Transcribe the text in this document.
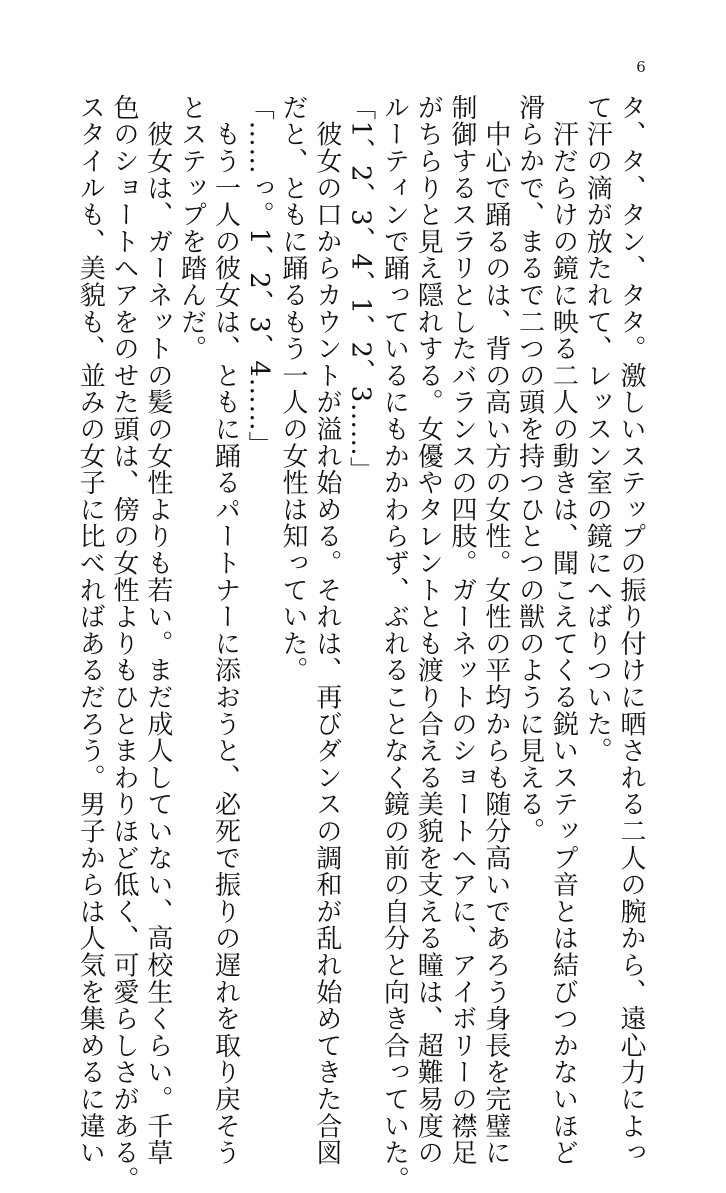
6

タ、タ、タン、タタ。激しいステップの振り付けに晒される二人の腕から、遠心力によっ

て汗の滴が放たれて、レッスン室の鏡にへばりついた。

　汗だらけの鏡に映る二人の動きは、聞こえてくる鋭いステップ音とは結びつかないほど

滑らかで、まるで二つの頭を持つひとつの獣のように見える。

　中心で踊るのは、背の高い方の女性。女性の平均からも随分高いであろう身長を完璧に

制御するスラリとしたバランスの四肢。ガーネットのショートヘアに、アイボリーの襟足

がちらりと見え隠れする。女優やタレントとも渡り合える美貌を支える瞳は、超難易度の

ルーティンで踊っているにもかかわらず、ぶれることなく鏡の前の自分と向き合っていた。

「1、2、3、4、1、2、3……」

　彼女の口からカウントが溢れ始める。それは、再びダンスの調和が乱れ始めてきた合図

だと、ともに踊るもう一人の女性は知っていた。

「……っ。1、2、3、4……」

　もう一人の彼女は、ともに踊るパートナーに添おうと、必死で振りの遅れを取り戻そう

とステップを踏んだ。

　彼女は、ガーネットの髪の女性よりも若い。まだ成人していない、高校生くらい。千草

色のショートヘアをのせた頭は、傍の女性よりもひとまわりほど低く、可愛らしさがある。

スタイルも、美貌も、並みの女子に比べればあるだろう。男子からは人気を集めるに違い
